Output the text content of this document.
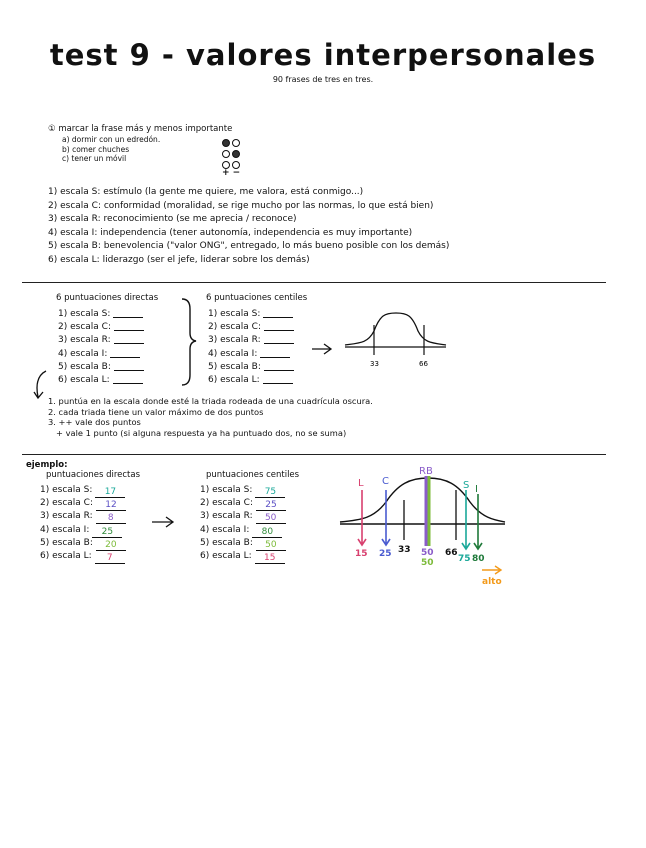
test 9 - valores interpersonales
90 frases de tres en tres.
① marcar la frase más y menos importante
a) dormir con un edredón.
b) comer chuches
c) tener un móvil
+ −
1) escala S: estímulo (la gente me quiere, me valora, está conmigo...)
2) escala C: conformidad (moralidad, se rige mucho por las normas, lo que está bien)
3) escala R: reconocimiento (se me aprecia / reconoce)
4) escala I: independencia (tener autonomía, independencia es muy importante)
5) escala B: benevolencia ("valor ONG", entregado, lo más bueno posible con los demás)
6) escala L: liderazgo (ser el jefe, liderar sobre los demás)
6 puntuaciones directas	6 puntuaciones centiles
1) escala S:
2) escala C:
3) escala R:
4) escala I:
5) escala B:
6) escala L:
1) escala S:
2) escala C:
3) escala R:
4) escala I:
5) escala B:
6) escala L:
33	66
1. puntúa en la escala donde esté la triada rodeada de una cuadrícula oscura.
2. cada triada tiene un valor máximo de dos puntos
3. ++ vale dos puntos
+ vale 1 punto (si alguna respuesta ya ha puntuado dos, no se suma)
ejemplo:
puntuaciones directas	puntuaciones centiles
1) escala S: 17
2) escala C: 12
3) escala R: 8
4) escala I: 25
5) escala B: 20
6) escala L: 7
1) escala S: 75
2) escala C: 25
3) escala R: 50
4) escala I: 80
5) escala B: 50
6) escala L: 15
L C
RB
S I
15 25 33 50
50
66
75 80
alto
